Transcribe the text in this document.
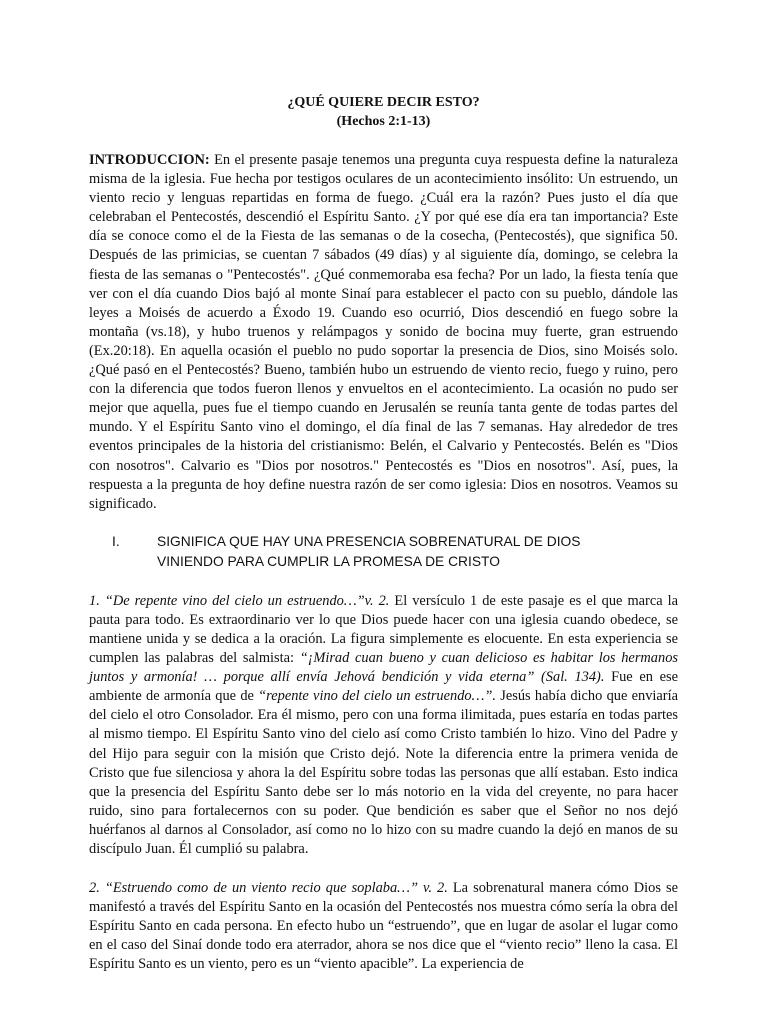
¿QUÉ QUIERE DECIR ESTO?
(Hechos 2:1-13)

INTRODUCCION: En el presente pasaje tenemos una pregunta cuya respuesta define la naturaleza misma de la iglesia. Fue hecha por testigos oculares de un acontecimiento insólito: Un estruendo, un viento recio y lenguas repartidas en forma de fuego. ¿Cuál era la razón? Pues justo el día que celebraban el Pentecostés, descendió el Espíritu Santo. ¿Y por qué ese día era tan importancia? Este día se conoce como el de la Fiesta de las semanas o de la cosecha, (Pentecostés), que significa 50. Después de las primicias, se cuentan 7 sábados (49 días) y al siguiente día, domingo, se celebra la fiesta de las semanas o "Pentecostés". ¿Qué conmemoraba esa fecha? Por un lado, la fiesta tenía que ver con el día cuando Dios bajó al monte Sinaí para establecer el pacto con su pueblo, dándole las leyes a Moisés de acuerdo a Éxodo 19. Cuando eso ocurrió, Dios descendió en fuego sobre la montaña (vs.18), y hubo truenos y relámpagos y sonido de bocina muy fuerte, gran estruendo (Ex.20:18). En aquella ocasión el pueblo no pudo soportar la presencia de Dios, sino Moisés solo. ¿Qué pasó en el Pentecostés? Bueno, también hubo un estruendo de viento recio, fuego y ruino, pero con la diferencia que todos fueron llenos y envueltos en el acontecimiento. La ocasión no pudo ser mejor que aquella, pues fue el tiempo cuando en Jerusalén se reunía tanta gente de todas partes del mundo. Y el Espíritu Santo vino el domingo, el día final de las 7 semanas. Hay alrededor de tres eventos principales de la historia del cristianismo: Belén, el Calvario y Pentecostés. Belén es "Dios con nosotros". Calvario es "Dios por nosotros." Pentecostés es "Dios en nosotros". Así, pues, la respuesta a la pregunta de hoy define nuestra razón de ser como iglesia: Dios en nosotros. Veamos su significado.

I.	SIGNIFICA QUE HAY UNA PRESENCIA SOBRENATURAL DE DIOS
VINIENDO PARA CUMPLIR LA PROMESA DE CRISTO

1. “De repente vino del cielo un estruendo…”v. 2. El versículo 1 de este pasaje es el que marca la pauta para todo. Es extraordinario ver lo que Dios puede hacer con una iglesia cuando obedece, se mantiene unida y se dedica a la oración. La figura simplemente es elocuente. En esta experiencia se cumplen las palabras del salmista: “¡Mirad cuan bueno y cuan delicioso es habitar los hermanos juntos y armonía! … porque allí envía Jehová bendición y vida eterna” (Sal. 134). Fue en ese ambiente de armonía que de “repente vino del cielo un estruendo…”. Jesús había dicho que enviaría del cielo el otro Consolador. Era él mismo, pero con una forma ilimitada, pues estaría en todas partes al mismo tiempo. El Espíritu Santo vino del cielo así como Cristo también lo hizo. Vino del Padre y del Hijo para seguir con la misión que Cristo dejó. Note la diferencia entre la primera venida de Cristo que fue silenciosa y ahora la del Espíritu sobre todas las personas que allí estaban. Esto indica que la presencia del Espíritu Santo debe ser lo más notorio en la vida del creyente, no para hacer ruido, sino para fortalecernos con su poder. Que bendición es saber que el Señor no nos dejó huérfanos al darnos al Consolador, así como no lo hizo con su madre cuando la dejó en manos de su discípulo Juan. Él cumplió su palabra.

2. “Estruendo como de un viento recio que soplaba…” v. 2. La sobrenatural manera cómo Dios se manifestó a través del Espíritu Santo en la ocasión del Pentecostés nos muestra cómo sería la obra del Espíritu Santo en cada persona. En efecto hubo un “estruendo”, que en lugar de asolar el lugar como en el caso del Sinaí donde todo era aterrador, ahora se nos dice que el “viento recio” lleno la casa. El Espíritu Santo es un viento, pero es un “viento apacible”. La experiencia de
